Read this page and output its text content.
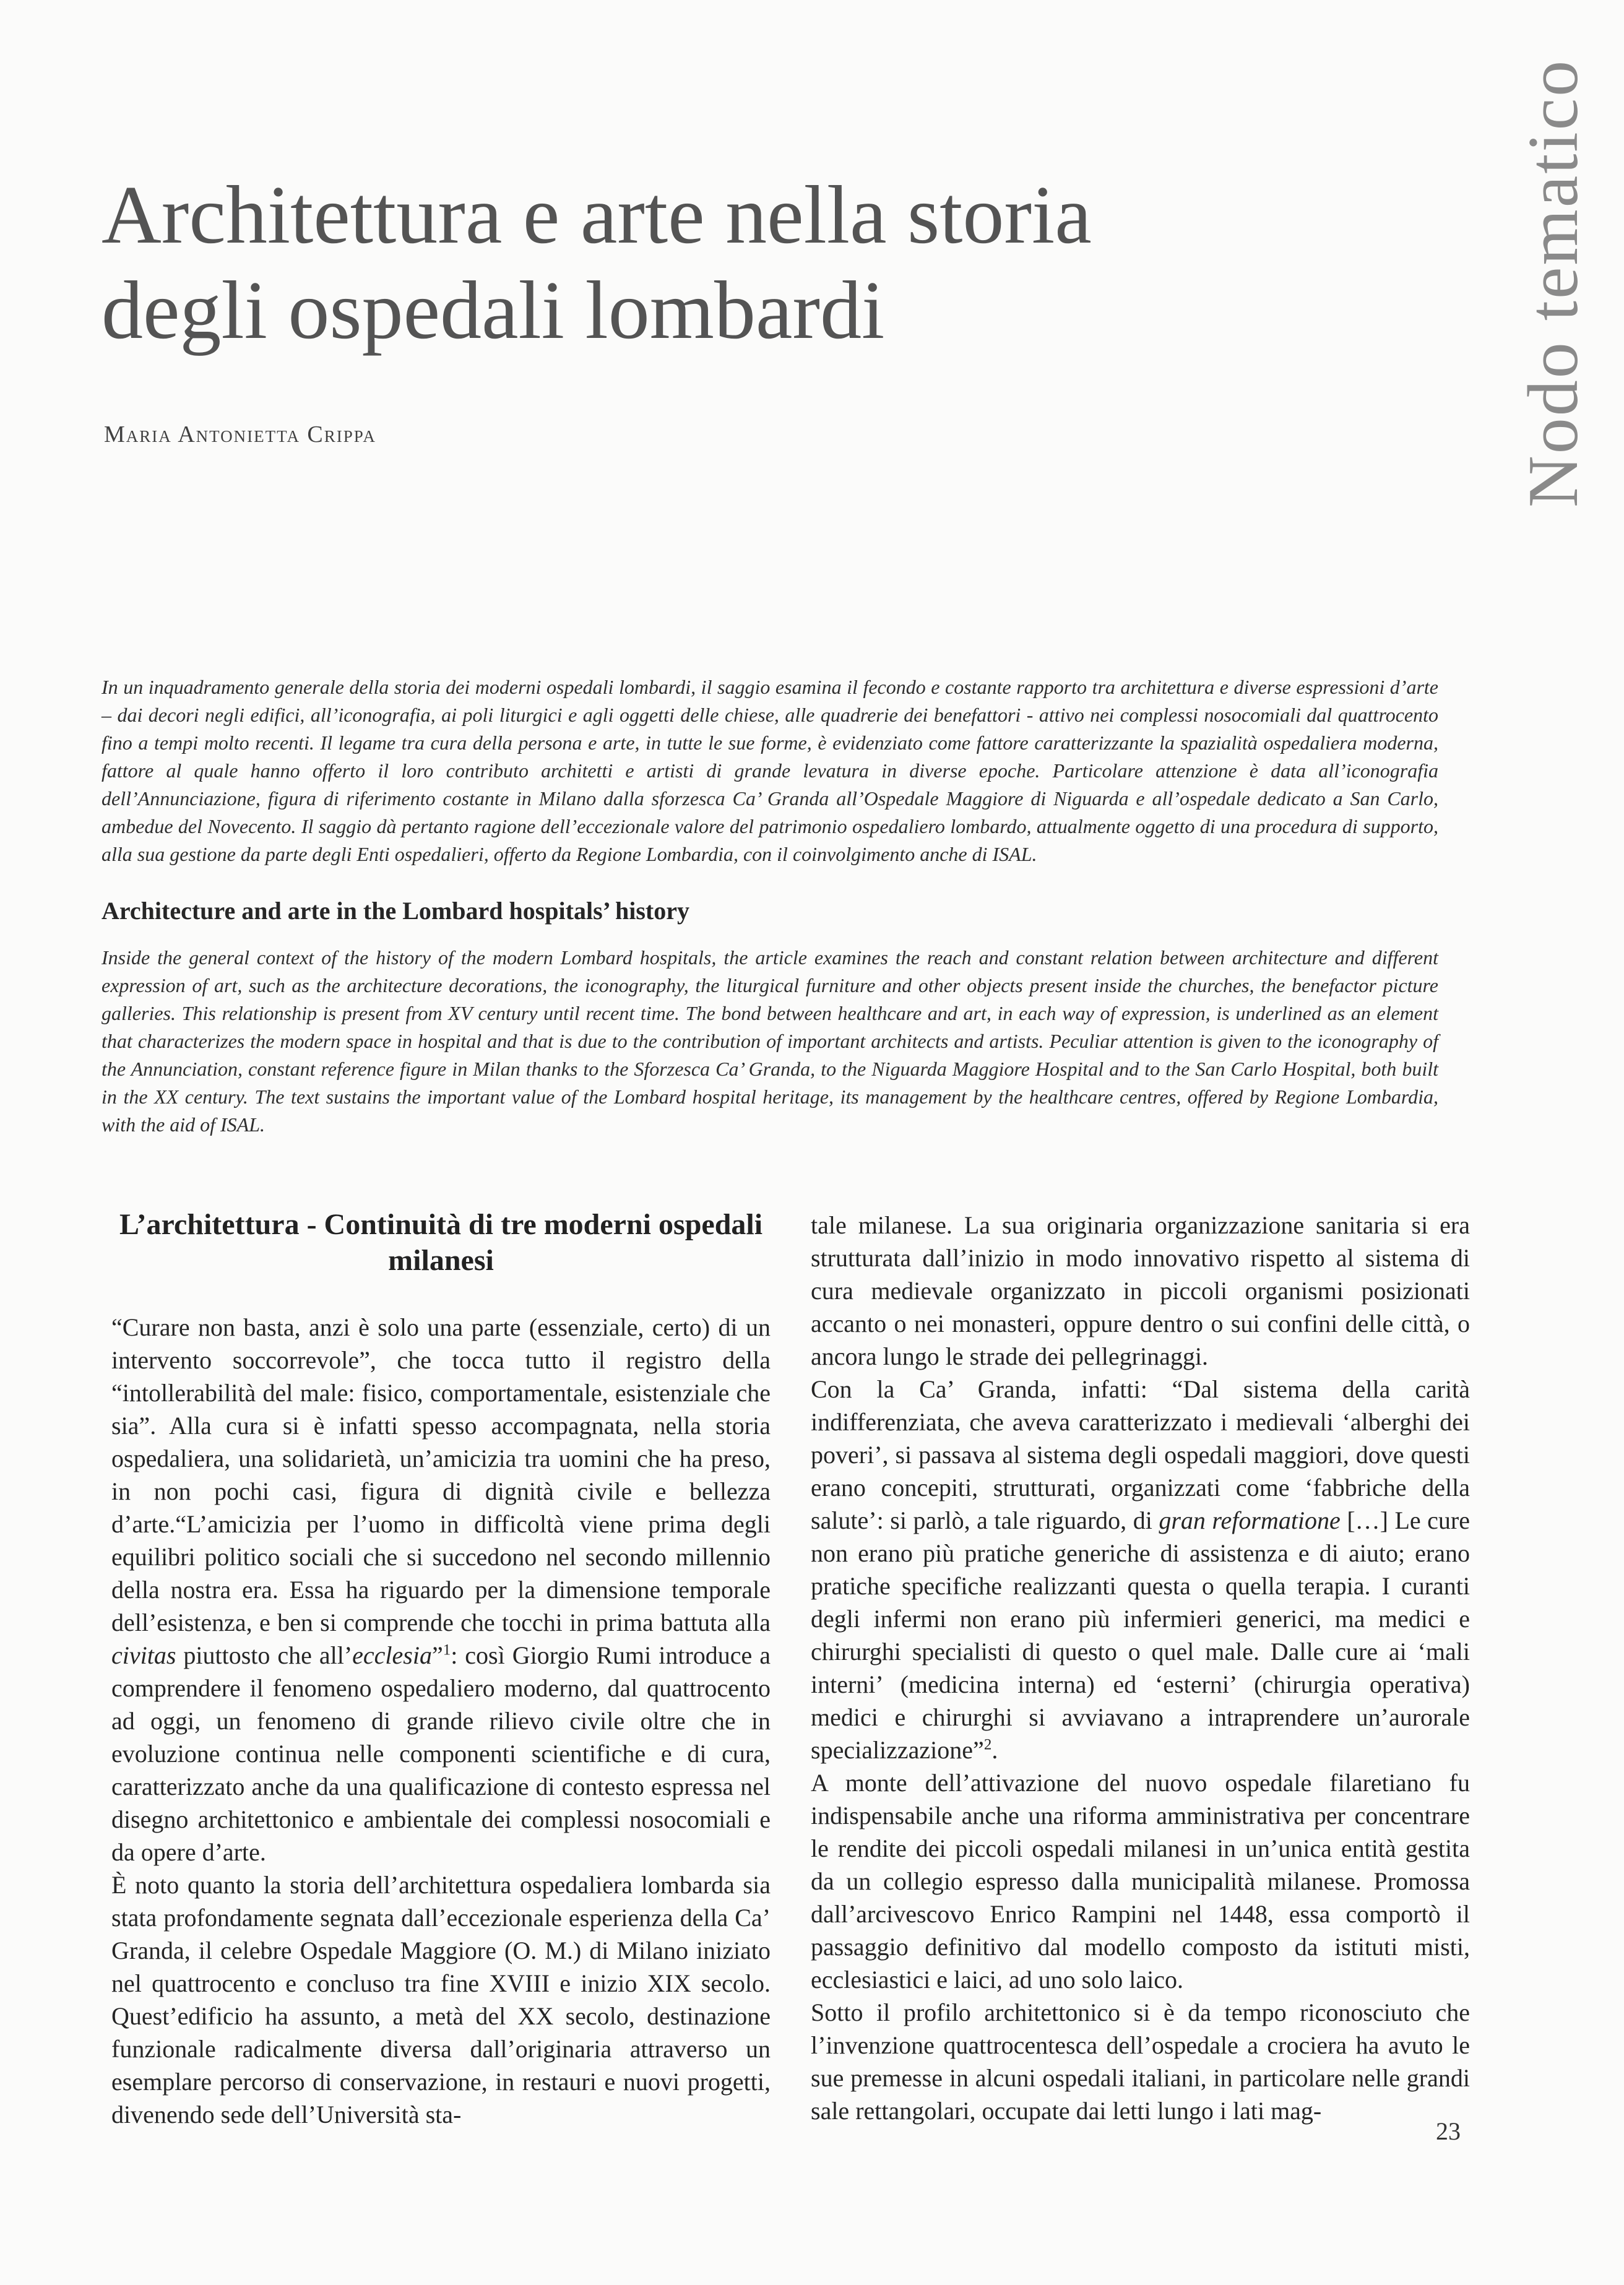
Architettura e arte nella storia
degli ospedali lombardi

Maria Antonietta Crippa	Nodo tematico

In un inquadramento generale della storia dei moderni ospedali lombardi, il saggio esamina il fecondo e costante rapporto tra architettura e diverse espressioni d’arte – dai decori negli edifici, all’iconografia, ai poli liturgici e agli oggetti delle chiese, alle quadrerie dei benefattori - attivo nei complessi nosocomiali dal quattrocento fino a tempi molto recenti. Il legame tra cura della persona e arte, in tutte le sue forme, è evidenziato come fattore caratterizzante la spazialità ospedaliera moderna, fattore al quale hanno offerto il loro contributo architetti e artisti di grande levatura in diverse epoche. Particolare attenzione è data all’iconografia dell’Annunciazione, figura di riferimento costante in Milano dalla sforzesca Ca’ Granda all’Ospedale Maggiore di Niguarda e all’ospedale dedicato a San Carlo, ambedue del Novecento. Il saggio dà pertanto ragione dell’eccezionale valore del patrimonio ospedaliero lombardo, attualmente oggetto di una procedura di supporto, alla sua gestione da parte degli Enti ospedalieri, offerto da Regione Lombardia, con il coinvolgimento anche di ISAL.

Architecture and arte in the Lombard hospitals’ history

Inside the general context of the history of the modern Lombard hospitals, the article examines the reach and constant relation between architecture and different expression of art, such as the architecture decorations, the iconography, the liturgical furniture and other objects present inside the churches, the benefactor picture galleries. This relationship is present from XV century until recent time. The bond between healthcare and art, in each way of expression, is underlined as an element that characterizes the modern space in hospital and that is due to the contribution of important architects and artists. Peculiar attention is given to the iconography of the Annunciation, constant reference figure in Milan thanks to the Sforzesca Ca’ Granda, to the Niguarda Maggiore Hospital and to the San Carlo Hospital, both built in the XX century. The text sustains the important value of the Lombard hospital heritage, its management by the healthcare centres, offered by Regione Lombardia, with the aid of ISAL.

L’architettura - Continuità di tre moderni ospedali milanesi

“Curare non basta, anzi è solo una parte (essenziale, certo) di un intervento soccorrevole”, che tocca tutto il registro della “intollerabilità del male: fisico, comportamentale, esistenziale che sia”. Alla cura si è infatti spesso accompagnata, nella storia ospedaliera, una solidarietà, un’amicizia tra uomini che ha preso, in non pochi casi, figura di dignità civile e bellezza d’arte.“L’amicizia per l’uomo in difficoltà viene prima degli equilibri politico sociali che si succedono nel secondo millennio della nostra era. Essa ha riguardo per la dimensione temporale dell’esistenza, e ben si comprende che tocchi in prima battuta alla civitas piuttosto che all’ecclesia”$^1$: così Giorgio Rumi introduce a comprendere il fenomeno ospedaliero moderno, dal quattrocento ad oggi, un fenomeno di grande rilievo civile oltre che in evoluzione continua nelle componenti scientifiche e di cura, caratterizzato anche da una qualificazione di contesto espressa nel disegno architettonico e ambientale dei complessi nosocomiali e da opere d’arte.

È noto quanto la storia dell’architettura ospedaliera lombarda sia stata profondamente segnata dall’eccezionale esperienza della Ca’ Granda, il celebre Ospedale Maggiore (O. M.) di Milano iniziato nel quattrocento e concluso tra fine XVIII e inizio XIX secolo. Quest’edificio ha assunto, a metà del XX secolo, destinazione funzionale radicalmente diversa dall’originaria attraverso un esemplare percorso di conservazione, in restauri e nuovi progetti, divenendo sede dell’Università sta-

tale milanese. La sua originaria organizzazione sanitaria si era strutturata dall’inizio in modo innovativo rispetto al sistema di cura medievale organizzato in piccoli organismi posizionati accanto o nei monasteri, oppure dentro o sui confini delle città, o ancora lungo le strade dei pellegrinaggi.

Con la Ca’ Granda, infatti: “Dal sistema della carità indifferenziata, che aveva caratterizzato i medievali ‘alberghi dei poveri’, si passava al sistema degli ospedali maggiori, dove questi erano concepiti, strutturati, organizzati come ‘fabbriche della salute’: si parlò, a tale riguardo, di gran reformatione […] Le cure non erano più pratiche generiche di assistenza e di aiuto; erano pratiche specifiche realizzanti questa o quella terapia. I curanti degli infermi non erano più infermieri generici, ma medici e chirurghi specialisti di questo o quel male. Dalle cure ai ‘mali interni’ (medicina interna) ed ‘esterni’ (chirurgia operativa) medici e chirurghi si avviavano a intraprendere un’aurorale specializzazione”$^2$.

A monte dell’attivazione del nuovo ospedale filaretiano fu indispensabile anche una riforma amministrativa per concentrare le rendite dei piccoli ospedali milanesi in un’unica entità gestita da un collegio espresso dalla municipalità milanese. Promossa dall’arcivescovo Enrico Rampini nel 1448, essa comportò il passaggio definitivo dal modello composto da istituti misti, ecclesiastici e laici, ad uno solo laico.

Sotto il profilo architettonico si è da tempo riconosciuto che l’invenzione quattrocentesca dell’ospedale a crociera ha avuto le sue premesse in alcuni ospedali italiani, in particolare nelle grandi sale rettangolari, occupate dai letti lungo i lati mag-

23
